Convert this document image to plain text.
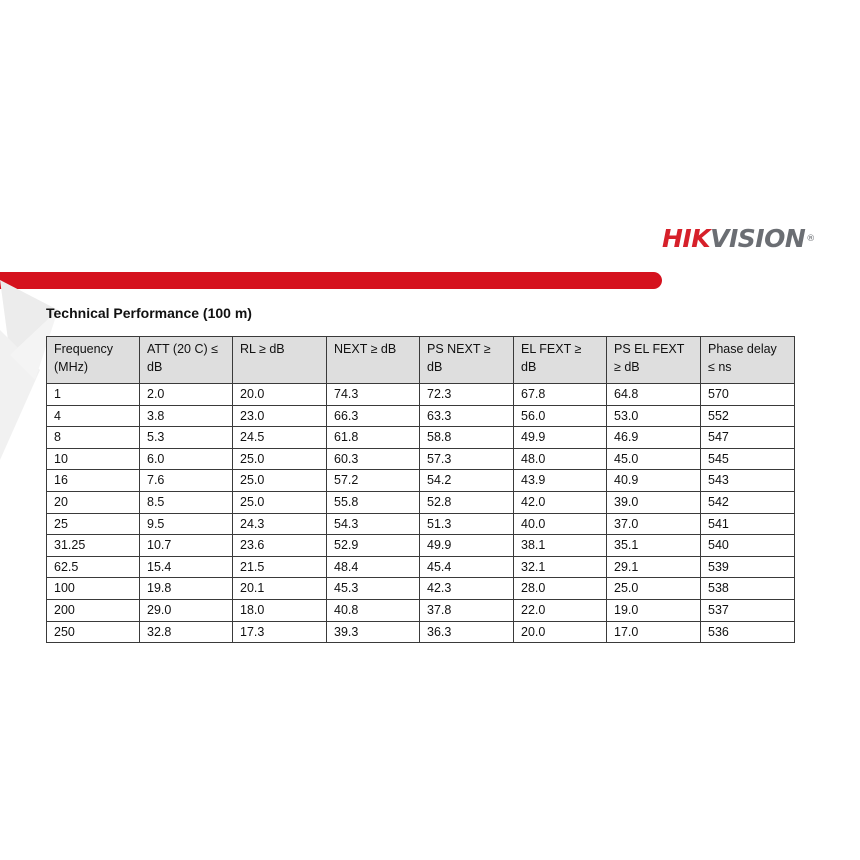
HIKVISION®
Technical Performance (100 m)
Frequency (MHz)	ATT (20 C) ≤ dB	RL ≥ dB	NEXT ≥ dB	PS NEXT ≥ dB	EL FEXT ≥ dB	PS EL FEXT ≥ dB	Phase delay ≤ ns
1	2.0	20.0	74.3	72.3	67.8	64.8	570
4	3.8	23.0	66.3	63.3	56.0	53.0	552
8	5.3	24.5	61.8	58.8	49.9	46.9	547
10	6.0	25.0	60.3	57.3	48.0	45.0	545
16	7.6	25.0	57.2	54.2	43.9	40.9	543
20	8.5	25.0	55.8	52.8	42.0	39.0	542
25	9.5	24.3	54.3	51.3	40.0	37.0	541
31.25	10.7	23.6	52.9	49.9	38.1	35.1	540
62.5	15.4	21.5	48.4	45.4	32.1	29.1	539
100	19.8	20.1	45.3	42.3	28.0	25.0	538
200	29.0	18.0	40.8	37.8	22.0	19.0	537
250	32.8	17.3	39.3	36.3	20.0	17.0	536
